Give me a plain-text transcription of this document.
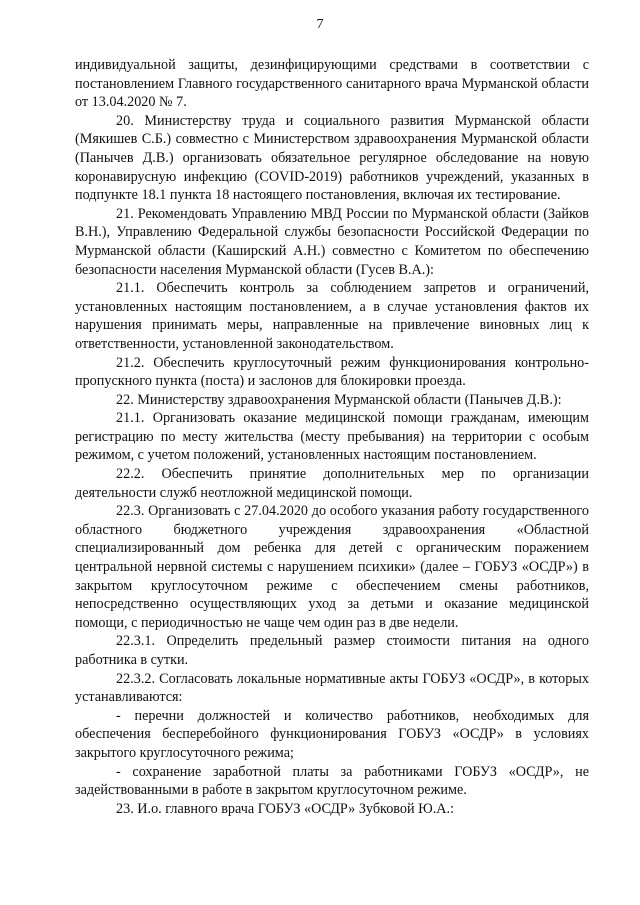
7

индивидуальной защиты, дезинфицирующими средствами в соответствии с постановлением Главного государственного санитарного врача Мурманской области от 13.04.2020 № 7.

20. Министерству труда и социального развития Мурманской области (Мякишев С.Б.) совместно с Министерством здравоохранения Мурманской области (Панычев Д.В.) организовать обязательное регулярное обследование на новую коронавирусную инфекцию (COVID-2019) работников учреждений, указанных в подпункте 18.1 пункта 18 настоящего постановления, включая их тестирование.

21. Рекомендовать Управлению МВД России по Мурманской области (Зайков В.Н.), Управлению Федеральной службы безопасности Российской Федерации по Мурманской области (Каширский А.Н.) совместно с Комитетом по обеспечению безопасности населения Мурманской области (Гусев В.А.):

21.1. Обеспечить контроль за соблюдением запретов и ограничений, установленных настоящим постановлением, а в случае установления фактов их нарушения принимать меры, направленные на привлечение виновных лиц к ответственности, установленной законодательством.

21.2. Обеспечить круглосуточный режим функционирования контрольно-пропускного пункта (поста) и заслонов для блокировки проезда.

22. Министерству здравоохранения Мурманской области (Панычев Д.В.):

21.1. Организовать оказание медицинской помощи гражданам, имеющим регистрацию по месту жительства (месту пребывания) на территории с особым режимом, с учетом положений, установленных настоящим постановлением.

22.2. Обеспечить принятие дополнительных мер по организации деятельности служб неотложной медицинской помощи.

22.3. Организовать с 27.04.2020 до особого указания работу государственного областного бюджетного учреждения здравоохранения «Областной специализированный дом ребенка для детей с органическим поражением центральной нервной системы с нарушением психики» (далее – ГОБУЗ «ОСДР») в закрытом круглосуточном режиме с обеспечением смены работников, непосредственно осуществляющих уход за детьми и оказание медицинской помощи, с периодичностью не чаще чем один раз в две недели.

22.3.1. Определить предельный размер стоимости питания на одного работника в сутки.

22.3.2. Согласовать локальные нормативные акты ГОБУЗ «ОСДР», в которых устанавливаются:

- перечни должностей и количество работников, необходимых для обеспечения бесперебойного функционирования ГОБУЗ «ОСДР» в условиях закрытого круглосуточного режима;

- сохранение заработной платы за работниками ГОБУЗ «ОСДР», не задействованными в работе в закрытом круглосуточном режиме.

23. И.о. главного врача ГОБУЗ «ОСДР» Зубковой Ю.А.:
